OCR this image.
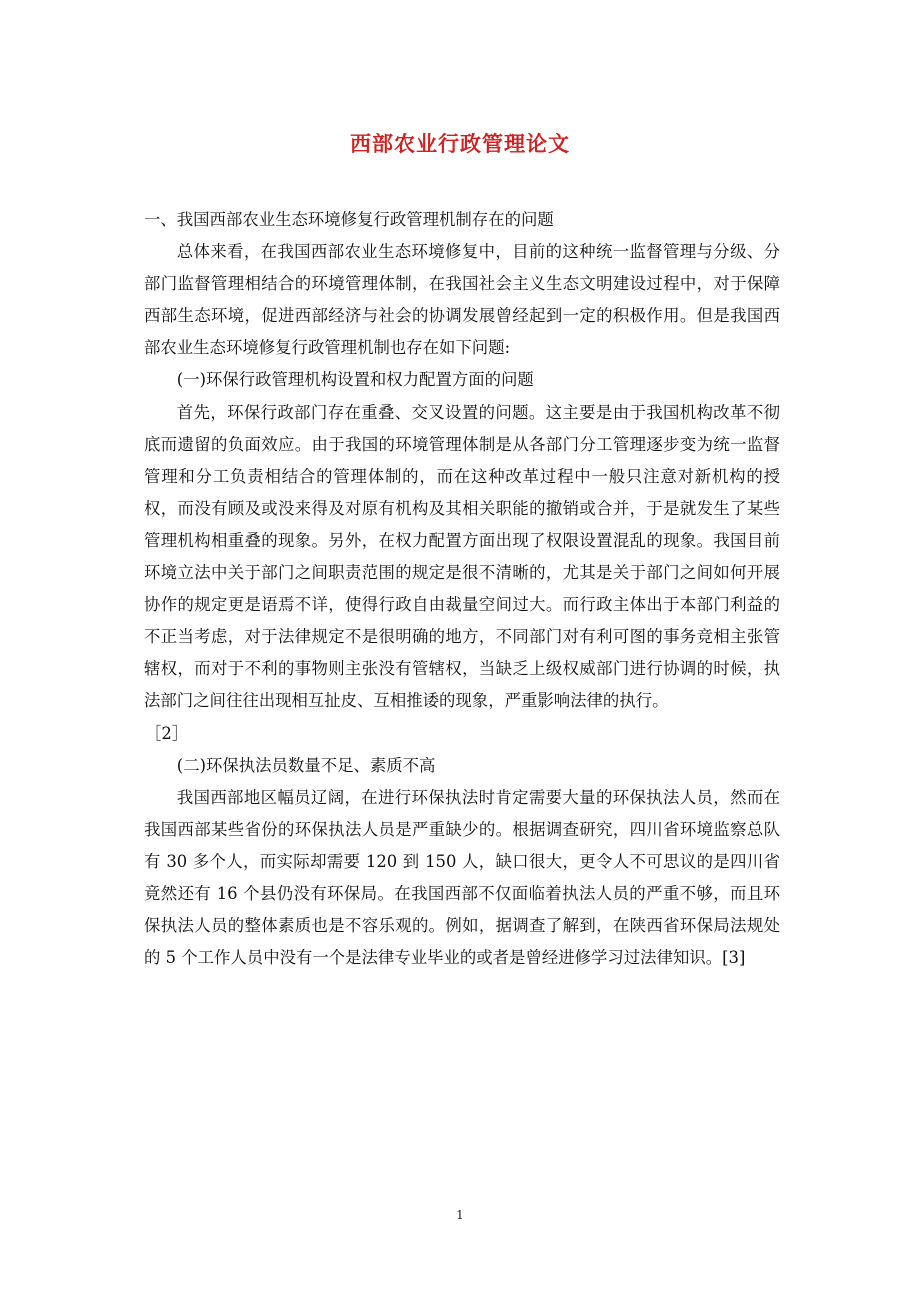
西部农业行政管理论文

一、我国西部农业生态环境修复行政管理机制存在的问题

总体来看，在我国西部农业生态环境修复中，目前的这种统一监督管理与分级、分部门监督管理相结合的环境管理体制，在我国社会主义生态文明建设过程中，对于保障西部生态环境，促进西部经济与社会的协调发展曾经起到一定的积极作用。但是我国西部农业生态环境修复行政管理机制也存在如下问题:

(一)环保行政管理机构设置和权力配置方面的问题

首先，环保行政部门存在重叠、交叉设置的问题。这主要是由于我国机构改革不彻底而遗留的负面效应。由于我国的环境管理体制是从各部门分工管理逐步变为统一监督管理和分工负责相结合的管理体制的，而在这种改革过程中一般只注意对新机构的授权，而没有顾及或没来得及对原有机构及其相关职能的撤销或合并，于是就发生了某些管理机构相重叠的现象。另外，在权力配置方面出现了权限设置混乱的现象。我国目前环境立法中关于部门之间职责范围的规定是很不清晰的，尤其是关于部门之间如何开展协作的规定更是语焉不详，使得行政自由裁量空间过大。而行政主体出于本部门利益的不正当考虑，对于法律规定不是很明确的地方，不同部门对有利可图的事务竞相主张管辖权，而对于不利的事物则主张没有管辖权，当缺乏上级权威部门进行协调的时候，执法部门之间往往出现相互扯皮、互相推诿的现象，严重影响法律的执行。

［2］

(二)环保执法员数量不足、素质不高

我国西部地区幅员辽阔，在进行环保执法时肯定需要大量的环保执法人员，然而在我国西部某些省份的环保执法人员是严重缺少的。根据调查研究，四川省环境监察总队有 30 多个人，而实际却需要 120 到 150 人，缺口很大，更令人不可思议的是四川省竟然还有 16 个县仍没有环保局。在我国西部不仅面临着执法人员的严重不够，而且环保执法人员的整体素质也是不容乐观的。例如，据调查了解到，在陕西省环保局法规处的 5 个工作人员中没有一个是法律专业毕业的或者是曾经进修学习过法律知识。[3]

1
